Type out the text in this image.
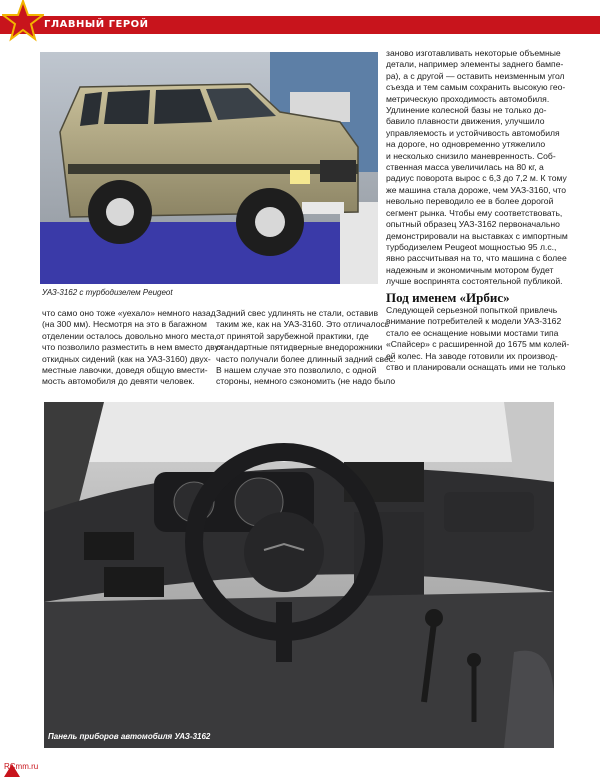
ГЛАВНЫЙ ГЕРОЙ
УАЗ-3162 с турбодизелем Peugeot
заново изготавливать некоторые объемные
детали, например элементы заднего бампе-
ра), а с другой — оставить неизменным угол
съезда и тем самым сохранить высокую гео-
метрическую проходимость автомобиля.
Удлинение колесной базы не только до-
бавило плавности движения, улучшило
управляемость и устойчивость автомобиля
на дороге, но одновременно утяжелило
и несколько снизило маневренность. Соб-
ственная масса увеличилась на 80 кг, а
радиус поворота вырос с 6,3 до 7,2 м. К тому
же машина стала дороже, чем УАЗ-3160, что
невольно переводило ее в более дорогой
сегмент рынка. Чтобы ему соответствовать,
опытный образец УАЗ-3162 первоначально
демонстрировали на выставках с импортным
турбодизелем Peugeot мощностью 95 л.с.,
явно рассчитывая на то, что машина с более
надежным и экономичным мотором будет
лучше воспринята состоятельной публикой.
Под именем «Ирбис»
Следующей серьезной попыткой привлечь
внимание потребителей к модели УАЗ-3162
стало ее оснащение новыми мостами типа
«Спайсер» с расширенной до 1675 мм колей-
ей колес. На заводе готовили их производ-
ство и планировали оснащать ими не только
что само оно тоже «уехало» немного назад
(на 300 мм). Несмотря на это в багажном
отделении осталось довольно много места,
что позволило разместить в нем вместо двух
откидных сидений (как на УАЗ-3160) двух-
местные лавочки, доведя общую вмести-
мость автомобиля до девяти человек.
Задний свес удлинять не стали, оставив
таким же, как на УАЗ-3160. Это отличалось
от принятой зарубежной практики, где
стандартные пятидверные внедорожники
часто получали более длинный задний свес.
В нашем случае это позволило, с одной
стороны, немного сэкономить (не надо было
Панель приборов автомобиля УАЗ-3162
RCmm.ru
